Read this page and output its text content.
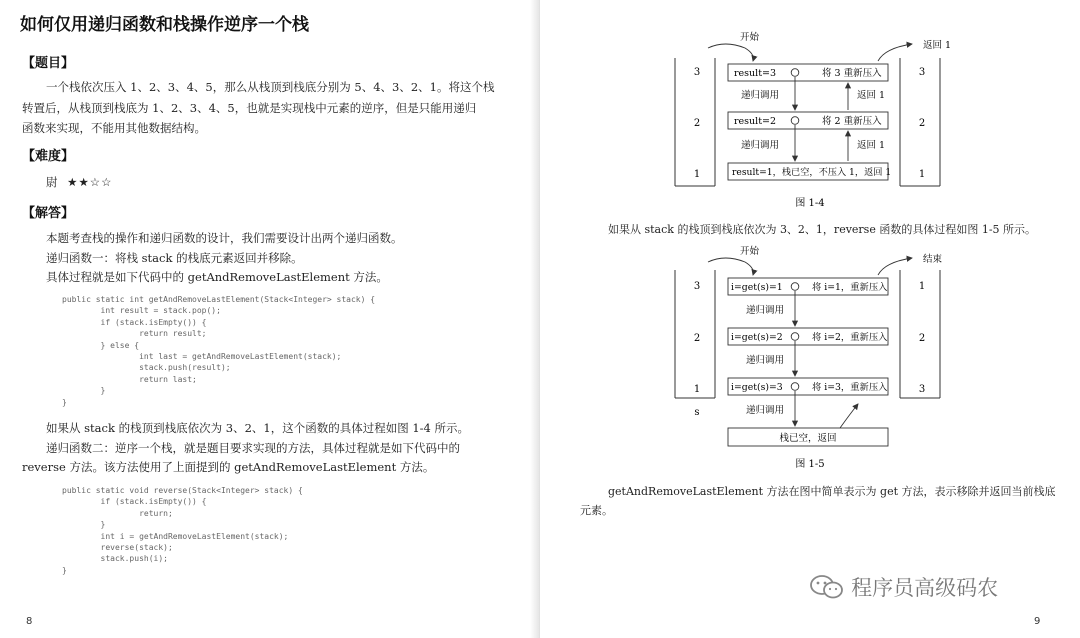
如何仅用递归函数和栈操作逆序一个栈
【题目】
一个栈依次压入 1、2、3、4、5，那么从栈顶到栈底分别为 5、4、3、2、1。将这个栈
转置后，从栈顶到栈底为 1、2、3、4、5，也就是实现栈中元素的逆序，但是只能用递归
函数来实现，不能用其他数据结构。
【难度】
尉 ★★☆☆
【解答】
本题考查栈的操作和递归函数的设计，我们需要设计出两个递归函数。
递归函数一：将栈 stack 的栈底元素返回并移除。
具体过程就是如下代码中的 getAndRemoveLastElement 方法。
public static int getAndRemoveLastElement(Stack<Integer> stack) {
int result = stack.pop();
if (stack.isEmpty()) {
return result;
} else {
int last = getAndRemoveLastElement(stack);
stack.push(result);
return last;
}
}
如果从 stack 的栈顶到栈底依次为 3、2、1，这个函数的具体过程如图 1-4 所示。
递归函数二：逆序一个栈，就是题目要求实现的方法，具体过程就是如下代码中的
reverse 方法。该方法使用了上面提到的 getAndRemoveLastElement 方法。
public static void reverse(Stack<Integer> stack) {
if (stack.isEmpty()) {
return;
}
int i = getAndRemoveLastElement(stack);
reverse(stack);
stack.push(i);
}
8
3
2
1
3
2
1
开始
返回 1
result=3	将 3 重新压入
result=2	将 2 重新压入
result=1，栈已空，不压入 1，返回 1
递归调用
递归调用
返回 1
返回 1
图 1-4
如果从 stack 的栈顶到栈底依次为 3、2、1，reverse 函数的具体过程如图 1-5 所示。
3
2
1
s
1
2
3
开始
结束
i=get(s)=1	将 i=1，重新压入
i=get(s)=2	将 i=2，重新压入
i=get(s)=3	将 i=3，重新压入
递归调用
递归调用
递归调用
栈已空，返回
图 1-5
getAndRemoveLastElement 方法在图中简单表示为 get 方法，表示移除并返回当前栈底
元素。
程序员高级码农
9
